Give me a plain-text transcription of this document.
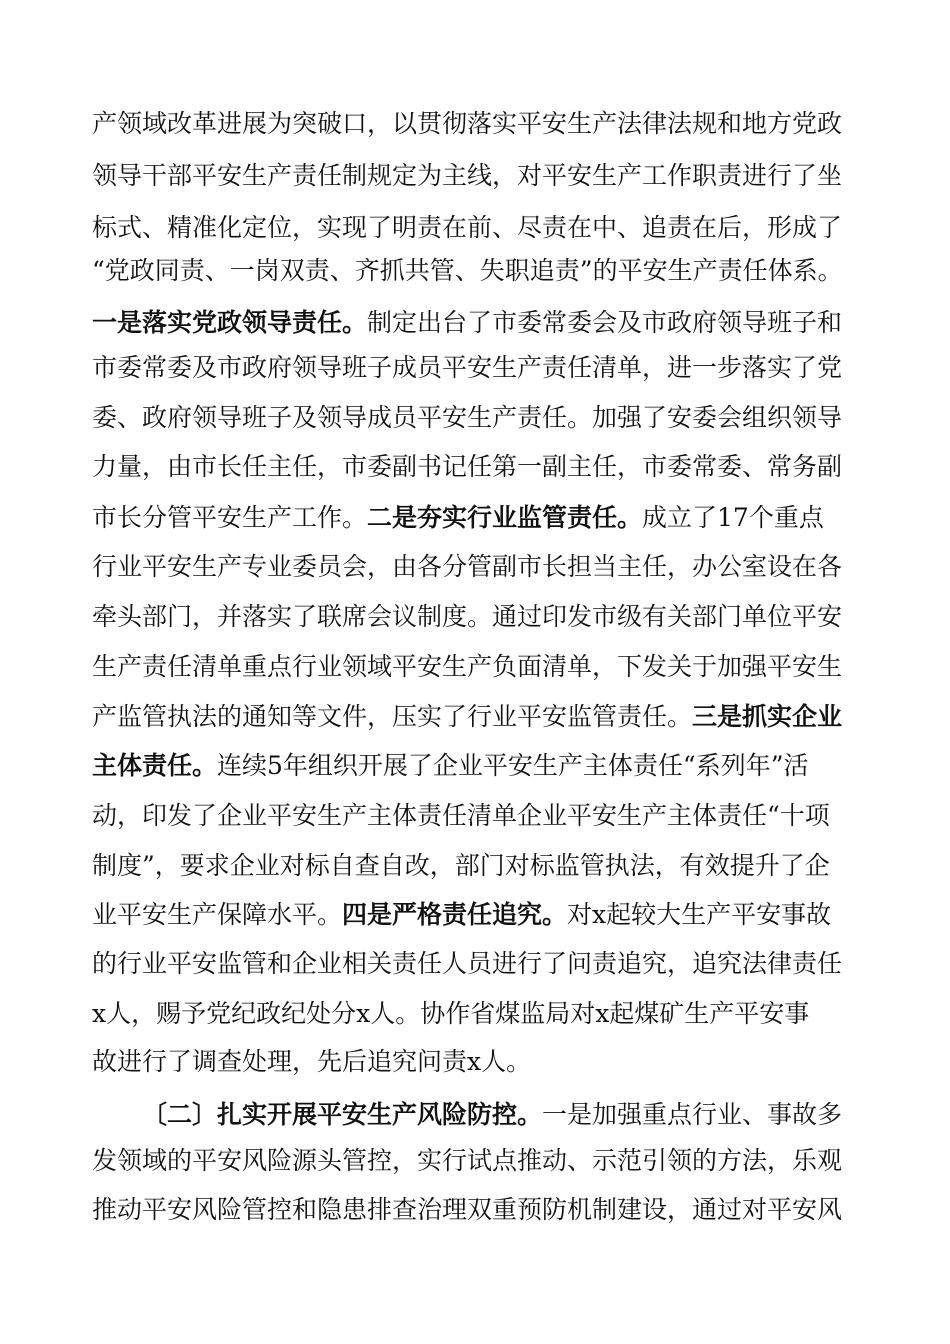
产领域改革进展为突破口，以贯彻落实平安生产法律法规和地方党政
领导干部平安生产责任制规定为主线，对平安生产工作职责进行了坐
标式、精准化定位，实现了明责在前、尽责在中、追责在后，形成了
“党政同责、一岗双责、齐抓共管、失职追责”的平安生产责任体系。
一是落实党政领导责任。制定出台了市委常委会及市政府领导班子和
市委常委及市政府领导班子成员平安生产责任清单，进一步落实了党
委、政府领导班子及领导成员平安生产责任。加强了安委会组织领导
力量，由市长任主任，市委副书记任第一副主任，市委常委、常务副
市长分管平安生产工作。二是夯实行业监管责任。成立了17个重点
行业平安生产专业委员会，由各分管副市长担当主任，办公室设在各
牵头部门，并落实了联席会议制度。通过印发市级有关部门单位平安
生产责任清单重点行业领域平安生产负面清单，下发关于加强平安生
产监管执法的通知等文件，压实了行业平安监管责任。三是抓实企业
主体责任。连续5年组织开展了企业平安生产主体责任“系列年”活
动，印发了企业平安生产主体责任清单企业平安生产主体责任“十项
制度”，要求企业对标自查自改，部门对标监管执法，有效提升了企
业平安生产保障水平。四是严格责任追究。对x起较大生产平安事故
的行业平安监管和企业相关责任人员进行了问责追究，追究法律责任
x人，赐予党纪政纪处分x人。协作省煤监局对x起煤矿生产平安事
故进行了调查处理，先后追究问责x人。
〔二〕扎实开展平安生产风险防控。一是加强重点行业、事故多
发领域的平安风险源头管控，实行试点推动、示范引领的方法，乐观
推动平安风险管控和隐患排查治理双重预防机制建设，通过对平安风
